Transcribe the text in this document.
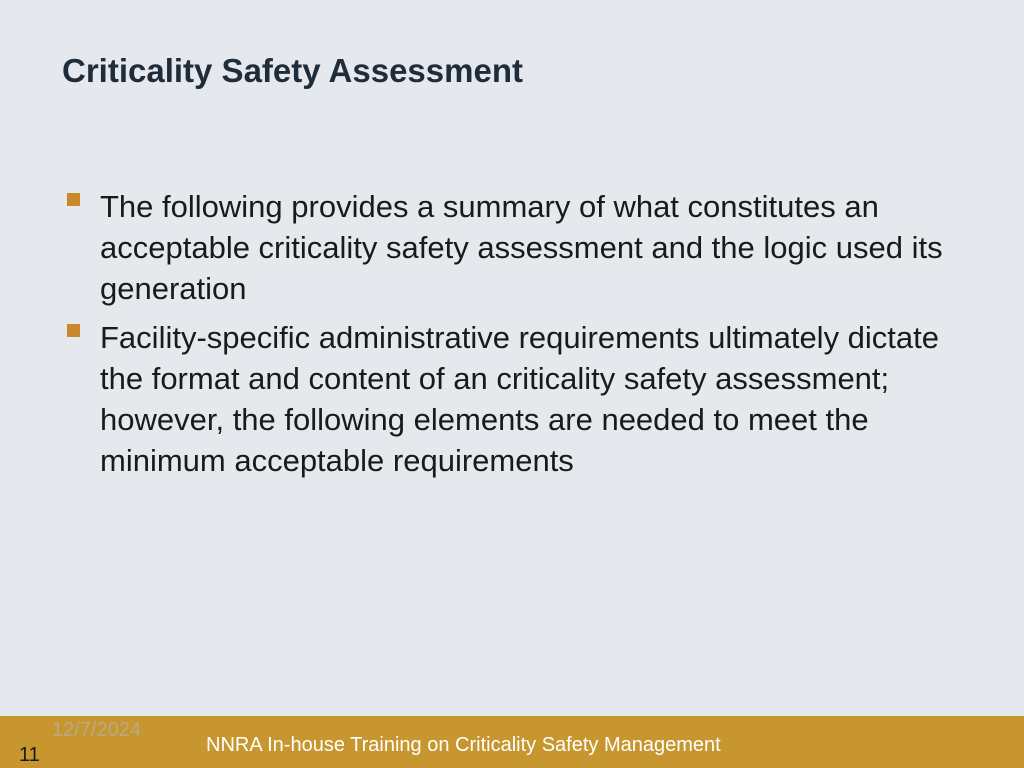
Criticality Safety Assessment
The following provides a summary of what constitutes an acceptable criticality safety assessment and the logic used its generation
Facility-specific administrative requirements ultimately dictate the format and content of an criticality safety assessment; however, the following elements are needed to meet the minimum acceptable requirements
12/7/2024
NNRA In-house Training on Criticality Safety Management
11
